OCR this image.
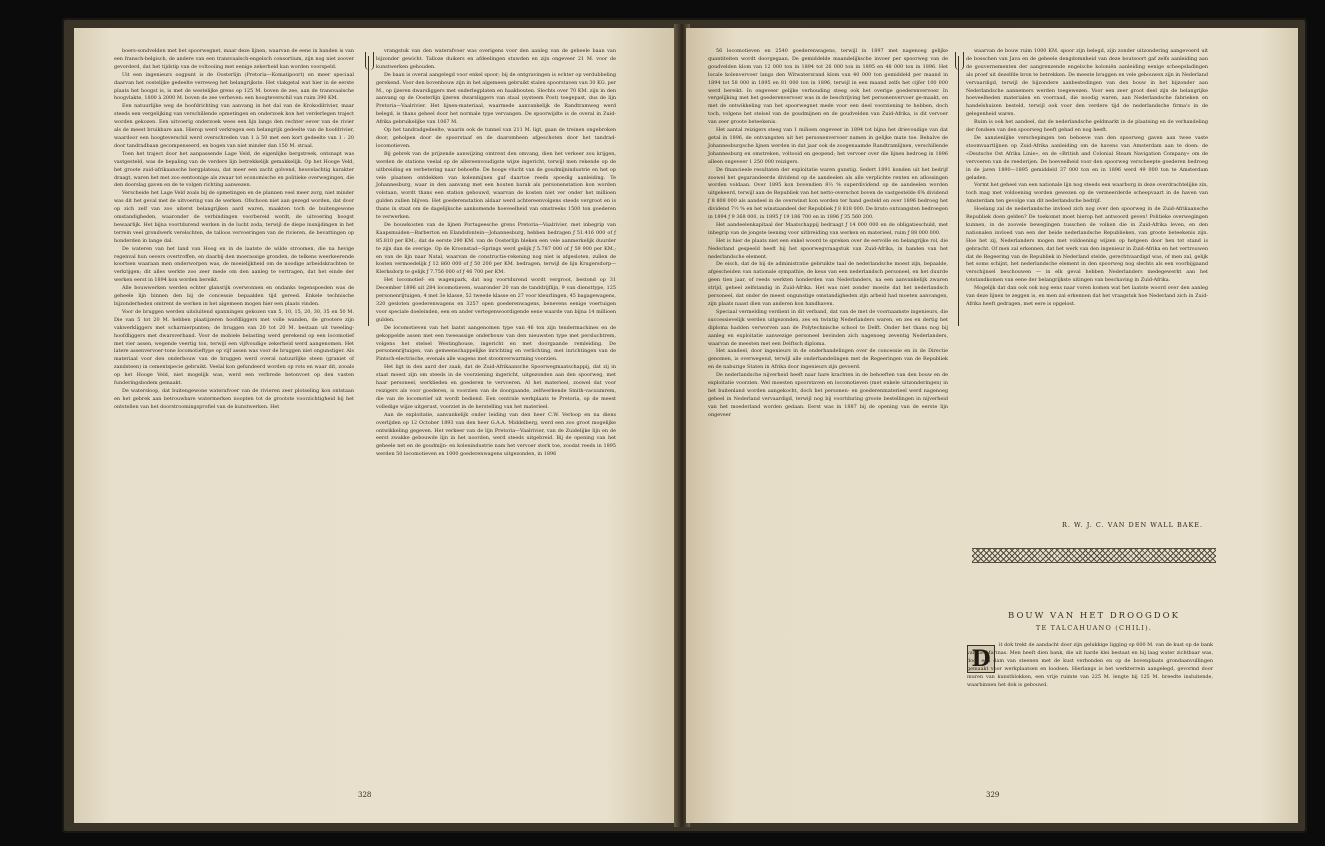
boers-sondvelden met het spoorwegnet, maar deze lijnen, waarvan de eene in handen is van een fransch-belgisch, de andere van een transvaalsch-engelsch consortium, zijn nog niet zoover gevorderd, dat het tijdstip van de voltooiing met eenige zekerheid kan worden voorspeld.

Uit een ingenieurs oogpunt is de Oosterlijn (Pretoria—Komatipoort) en meer speciaal daarvan het oostelijke gedeelte verreweg het belangrijkste. Het vlakgetal wat hier in de eerste plaats het hoogst is, is met de westelijke grens op 125 M. boven de zee, aan de transvaalsche hoogvlakte, 1800 à 2000 M. boven de zee verheven: een hoogteverschil van ruim 390 KM.

Een natuurlijke weg de hoofdrichting van aanvang in het dal van de Krokodilrivier, maar steeds een vergelijking van verschillende opmetingen en onderzoek kon het verderlegen traject worden gekozen. Een uitvoerig onderzoek wees een lijn langs den rechter oever van de rivier als de meest bruikbare aan. Hierop werd verkregen een belangrijk gedeelte van de hoofdrivier, waardoor een hoogteverschil werd overschreden van 1 à 50 met een kort gedeelte van 1 : 20 door tandradbaan gecompenseerd, en bogen van niet minder dan 150 M. straal.

Toen het traject door het aanpassende Lage Veld, de eigenlijke bergstreek, ontsnapt was vastgesteld, was de bepaling van de verdere lijn betrekkelijk gemakkelijk. Op het Hooge Veld, het groote zuid-afrikaansche bergplateau, dat meer een zacht golvend, heuvelachtig karakter draagt, waren het met zoo eentoonige als zwaar tot economische en politieke overwegingen, die den doorslag gaven en de te volgen richting aanwezen.

Verscheide het Lage Veld zoals bij de opmetingen en de plannen veel meer zorg, niet minder was dit het geval met de uitvoering van de werken. Ofschoon niet aan gezegd worden, dat door op zich zelf van zoo uiterst belangrijken aard waren, maakten toch de buitengewone omstandigheden, waaronder de verbindingen voorbereid wordt, de uitvoering hoogst bewaarlijk. Het bijna voortdurend werken in de lucht zoda, terwijl de diepe insnijdingen in het terrein veel grondwerk verelschten, de talloos vervoeringen van de rivieren, de bevattingen op honderden in lange dal.

De wateren van het land van Hoog en in de laatste de wilde stroomen, die na hevige regenval hun oevers overtroffen, en daarbij den moerassige gronden, de telkens weerkeerende koortsen waaraan men onderworpen was, de moeielijkheid om de noodige arbeidskrachten te verkrijgen; dit alles werkte zoo zeer mede om den aanleg te vertragen, dat het einde der werken eerst in 1894 kon worden bereikt.

Alle bouwwerken werden echter glansrijk overwonnen en ondanks tegenspoeden was de geheele lijn binnen den bij de concessie bepaalden tijd gereed. Enkele technische bijzonderheden omtrent de werken in het algemeen mogen hier een plaats vinden.

Voor de bruggen werden uitsluitend spanningen gekozen van 5, 10, 15, 20, 30, 35 en 50 M. Die van 5 tot 20 M. hebben plaatijzeren hoofdliggers met volle wanden, de grootere zijn vakwerkliggers met scharnierpunten; de bruggen van 20 tot 20 M. bestaan uit tweeling-hoofdliggers met dwarsverband. Voor de mobiele belasting werd gerekend op een locomotief met vier assen, wegende veertig ton, terwijl een vijfvoudige zekerheid werd aangenomen. Het latere assenvervoer-tone locomotieftype op vijf assen was voor de bruggen niet ongunstiger. Als materiaal voor den onderbouw van de bruggen werd overal natuurlijke steen (graniet of zandsteen) in cementspecie gebruikt. Veelal kon gefundeerd worden op rots en waar dit, zooals op het Hooge Veld, niet mogelijk was, werd een verbrede betonvoet op den vasten funderingsbodem gemaakt.

De watersloop, dat buitengewone waterafvoer van de rivieren zeer plotseling kon ontstaan en het gebrek aan betrouwbare watermerken noopten tot de grootste voorzichtigheid bij het ontstellen van het doorstroomingsprofiel van de kunstwerken. Het

vrangstuk van den waterafvoer was overigens voor den aanleg van de geheele baan van bijzonder gewicht. Talloze duikers en afdeelingen stuwden en zijn ongeveer 21 M. voor de kunstwerken gehouden.

De baan is overal aangelegd voor enkel spoor; bij de ontgravingen is echter op verdubbeling gerekend. Voor den bovenbouw zijn in het algemeen gebruikt stalen spoorstaven van 30 KG. per M., op ijzeren dwarsliggers met onderlegplaten en haakbouten. Slechts over 70 KM. zijn in den aanvang op de Oosterlijn ijzeren dwarsliggers van staal (systeem Post) toegepast, dus de lijn Pretoria—Vaalrivier. Het lijnen-materiaal, waarmede aanvankelijk de Randtramweg werd belegd, is thans geheel door het normale type vervangen. De spoorwijdte is de overal in Zuid-Afrika gebruikelijke van 1067 M.

Op het tandradgedeelte, waarin ook de tunnel van 211 M. ligt, gaan de treinen ongebroken door, geholpen door de spoorstaaf en de daaromheen afgeschoten door het tandrad-locomotieven.

Bij gebrek van de prijzende aanwijzing omtrent den omvang, dien het verkeer zou krijgen, werden de stations veelal op de allereenvoudigste wijze ingericht, terwijl men rekende op de uitbreiding en verbetering naar behoefte. De hooge vlucht van de goudmijnindustrie en het op vele plaatsen ontdekken van kolenmijnen gaf daartoe reeds spoedig aanleiding. Te Johannesburg, waar in den aanvang met een houten barak als personenstation kon worden volstaan, wordt thans een station gebouwd, waarvan de kosten niet ver onder het millioen gulden zullen blijven. Het goederenstation aldaar werd achtereenvolgens steeds vergroot en is thans in staat om de dagelijksche aankomende hoeveelheid van omstreeks 1500 ton goederen te verwerken.

De bouwkosten van de lijnen Portugeesche grens Pretoria—Vaalrivier, met inbegrip van Kaapsmuiden—Barberton en Elandsfontein—Johannesburg, hebben bedragen ƒ 51.416 000 of ƒ 85.810 per KM.; dat de eerste 290 KM. van de Oosterlijn bleken een vele aanmerkelijk duurder te zijn dan de overige. Op de Kroonstad—Springs werd gelijk ƒ 5.787 000 of ƒ 59 900 per KM.; en van de lijn naar Natal, waarvan de constructie-rekening nog niet is afgesloten, zullen de kosten vermoedelijk ƒ 12 860 000 of ƒ 50 200 per KM. bedragen, terwijl de lijn Krugersdorp—Klerksdorp te gelijk ƒ 7.756 000 of ƒ 46 700 per KM.

Het locomotief- en wagenpark, dat nog voortdurend wordt vergroot, bestond op 31 December 1896 uit 284 locomotieven, waaronder 20 van de tanddrijflijn, 9 van diensttype, 125 personenrijtuigen, 4 met 3e klasse, 52 tweede klasse en 27 voor kleurlingen, 45 bagagewagens, 320 gesloten goederenwagens en 3257 open goederenwagens, benevens eenige voertuigen voor speciale doeleinden, een en ander vertegenwoordigende eene waarde van bijna 14 millioen gulden.

De locomotieven van het laatst aangenomen type van 46 ton zijn tendermachines en de gekoppelde assen met een tweeassige onderbouw van den nieuwsten type met persluchtrem, volgens het stelsel Westinghouse, ingericht en met doorgaande remleiding. De personenrijtuigen, van gemeenschappelijke inrichting en verlichting, met inrichtingen van de Pintsch-electrische, evenals alle wagens met stoomverwarming voorzien.

Het ligt in den aard der zaak, dat de Zuid-Afrikaansche Spoorwegmaatschappij, dat zij in staat moest zijn om steeds in de voorziening ingericht, uitgezonden aan den spoorweg, met haar personeel, werklieden en goederen te vervoeren. Al het materieel, zoowel dat voor reizigers als voor goederen, is voorzien van de doorgaande, zelfwerkende Smith-vacuumrem, die van de locomotief uit wordt bediend. Een centrale werkplaats te Pretoria, op de meest volledige wijze uitgerust, voorziet in de herstelling van het materieel.

Aan de exploitatie, aanvankelijk onder leiding van den heer C.W. Verloop en na diens overlijden op 12 October 1893 van den heer G.A.A. Middelberg, werd een zoo groot mogelijke ontwikkeling gegeven. Het verkeer van de lijn Pretoria—Vaalrivier, van de Zuidelijke lijn en de eerst zwakke gebouwde lijn in het noorden, werd steeds uitgebreid. Bij de opening van het geheele net en de goudmijn- en kolenindustrie nam het vervoer sterk toe, zoodat reeds in 1895 werden 50 locomotieven en 1000 goederenwagens uitgezonden, in 1896

328

56 locomotieven en 2540 goederenwagens, terwijl in 1897 met nagenoeg gelijke quantiteiten wordt doorgegaan. De gemiddelde maandelijksche invoer per spoorweg van de goudvelden klom van 12 000 ton in 1894 tot 26 000 ton in 1895 en 48 000 ton in 1896. Het locale kolenvervoer langs den Witwatersrand klom van 40 000 ton gemiddeld per maand in 1894 tot 58 000 in 1895 en 81 000 ton in 1896, terwijl in een maand zelfs het cijfer 100 000 werd bereikt. In ongeveer gelijke verhouding steeg ook het overige goederenvervoer. In vergelijking met het goederenvervoer was in de beschrijving het personenvervoer ge-maakt, en met de ontwikkeling van het spoorwegnet mede voor een deel voorziening te hebben, doch toch, volgens het stelsel van de goudmijnen en de goudvelden van Zuid-Afrika, is dit vervoer van zeer groote beteekenis.

Het aantal reizigers steeg van 1 milioen ongeveer in 1894 tot bijna het drievoudige van dat getal in 1896, de ontvangsten uit het personenvervoer namen in gelijke mate toe. Behalve de Johannesburgsche lijnen werden in dat jaar ook de zoogenaamde Randtramlijnen, verschillende Johannesburg en omstreken, voltooid en geopend; het vervoer over die lijnen bedroeg in 1896 alleen ongeveer 1 250 000 reizigers.

De financieele resultaten der exploitatie waren gunstig. Sedert 1891 konden uit het bedrijf zoowel het gegarandeerde dividend op de aandeelen als alle verplichte renten en aflossingen worden voldaan. Over 1895 kon bovendien 8⅓ % superdividend op de aandeelen worden uitgekeerd, terwijl aan de Republiek van het netto-overschot boven de vastgestelde 6% dividend ƒ 8 808 000 als aandeel in de overwinst kon worden ter hand gesteld en over 1896 bedroeg het dividend 7½ % en het winstaandeel der Republiek ƒ 8 818 000. De bruto ontvangsten bedroegen in 1894 ƒ 9 368 000, in 1895 ƒ 19 186 700 en in 1896 ƒ 35 560 200.

Het aandeelenkapitaal der Maatschappij bedraagt ƒ 14 000 000 en de obligatieschuld, met inbegrip van de jongste leening voor uitbreiding van werken en materieel, ruim ƒ 88 000 000.

Het is hier de plaats niet een enkel woord te spreken over de eervolle en belangrijke rol, die Nederland gespeeld heeft bij het spoorwegvraagstuk van Zuid-Afrika, in handen van het nederlandsche element.

De eisch, dat de bij de administratie gebruikte taal de nederlandsche moest zijn, bepaalde, afgescheiden van nationale sympathie, de keus van een nederlandsch personeel, en het duurde geen tien jaar, of reeds werkten honderden van Nederlanders, na een aanvankelijk zwaren strijd, geheel zelfstandig in Zuid-Afrika. Het was niet zonder moeite dat het nederlandsch personeel, dat onder de meest ongunstige omstandigheden zijn arbeid had moeten aanvangen, zijn plaats naast dien van anderen kon handhaven.

Speciaal vermelding verdient in dit verband, dat van de met de voornaamste ingenieurs, die successievelijk werden uitgezonden, zes en twintig Nederlanders waren, en zes en dertig het diploma hadden verworven aan de Polytechnische school te Delft. Onder het thans nog bij aanleg en exploitatie aanwezige personeel bevinden zich nagenoeg zeventig Nederlanders, waarvan de meesten met een Delftsch diploma.

Het aandeel, door ingenieurs in de onderhandelingen over de concessie en in de Directie genomen, is overwegend, terwijl alle onderhandelingen met de Regeeringen van de Republiek en de naburige Staten in Afrika door ingenieurs zijn gevoerd.

De nederlandsche nijverheid heeft naar hare krachten in de behoeften van den bouw en de exploitatie voorzien. Wel moesten spoorstaven en locomotieven (met enkele uitzonderingen) in het buitenland worden aangekocht, doch het personen- en goederenmaterieel werd nagenoeg geheel in Nederland vervaardigd, terwijl nog bij voortduring groote bestellingen in nijverheid van het moederland worden gedaan. Eerst was in 1887 bij de opening van de eerste lijn ongeveer

waarvan de bouw ruim 1000 KM. spoor zijn belegd, zijn zonder uitzondering aangevoerd uit de bosschen van Java en de geheele dengdomnheid van deze boutsoort gaf zelfs aanleiding aan de gouvernementen der aangrenzende engelsche koloniën aanleiding eenige scheepsladingen als proef uit dezelfde bron te betrekken. De meeste bruggen en vele gebouwen zijn in Nederland vervaardigd, terwijl de bijzondere aanbestedingen van den bouw in het bijzonder aan Nederlandsche aannemers werden toegewezen. Voor een zeer groot deel zijn de belangrijke hoeveelheden materialen en voorraad, die noodig waren, aan Nederlandsche fabrieken en handelshuizen besteld, terwijl ook voor den verdere tijd de nederlandsche firma's in de gelegenheid waren.

Ruim is ook het aandeel, dat de nederlandsche geldmarkt in de plaatsing en de verhandeling der fondsen van den spoorweg heeft gehad en nog heeft.

De aanzienlijke verschepingen ten behoeve van den spoorweg gaven aan twee vaste stoomvaartlijnen op Zuid-Afrika aanleiding om de havens van Amsterdam aan te doen: de «Deutsche Ost Afrika Linie», en de «British and Colonial Steam Navigation Company» om de vervoeren van de reederijen. De hoeveelheid voor den spoorweg verscheepte goederen bedroeg in de jaren 1890—1895 gemiddeld 37 000 ton en in 1896 werd 49 000 ton te Amsterdam geladen.

Vormt het geheel van een nationale lijn nog steeds een waarborg in deze overdrachtelijke zin, toch mag met voldoening worden gewezen op de vermeerderde scheepvaart in de haven van Amsterdam ten gevolge van dit nederlandsche bedrijf.

Hoelang zal de nederlandsche invloed zich nog over den spoorweg in de Zuid-Afrikaansche Republiek doen gelden? De toekomst moet hierop het antwoord geven! Politieke overwegingen kunnen, in de zoovele bewegingen tusschen de volken die in Zuid-Afrika leven, en den nationalen invloed van een der beide nederlandsche Republieken, van groote beteekenis zijn. Hoe het zij, Nederlanders mogen met voldoening wijzen op hetgeen door hen tot stand is gebracht. Of men zal erkennen, dat het werk van den ingenieur in Zuid-Afrika en het vertrouwen dat de Regeering van de Republiek in Nederland stelde, gerechtvaardigd was, of men zal, gelijk het soms schijnt, het nederlandsche element in den spoorweg nog slechts als een voorbijgaand verschijnsel beschouwen — in elk geval hebben Nederlanders medegewerkt aan het totstandkomen van eene der belangrijkste uitingen van beschaving in Zuid-Afrika.

Mogelijk dat dan ook ook nog eens naar voren komen wat het laatste woord over den aanleg van deze lijnen te zeggen is, en men zal erkennen dat het vraagstuk hoe Nederland zich in Zuid-Afrika heeft gedragen, met eere is opgelost.

R. W. J. C. VAN DEN WALL BAKE.
BOUW VAN HET DROOGDOK
TE TALCAHUANO (CHILI).
D
it dok trekt de aandacht door zijn gelukkige ligging op 600 M. van de kust op de bank van de Marinas. Men heeft dien bank, die uit harde klei bestaat en bij laag water zichtbaar was, door een dam van steenen met de kust verbonden en op de bovenplaats grondaanvullingen gemaakt voor werkplaatsen en loodsen. Hierlangs is het werkterrein aangelegd, gevormd door muren van kunstblokken, een vrije ruimte van 225 M. lengte bij 125 M. breedte insluitende, waarbinnen het dok is gebouwd.
329
